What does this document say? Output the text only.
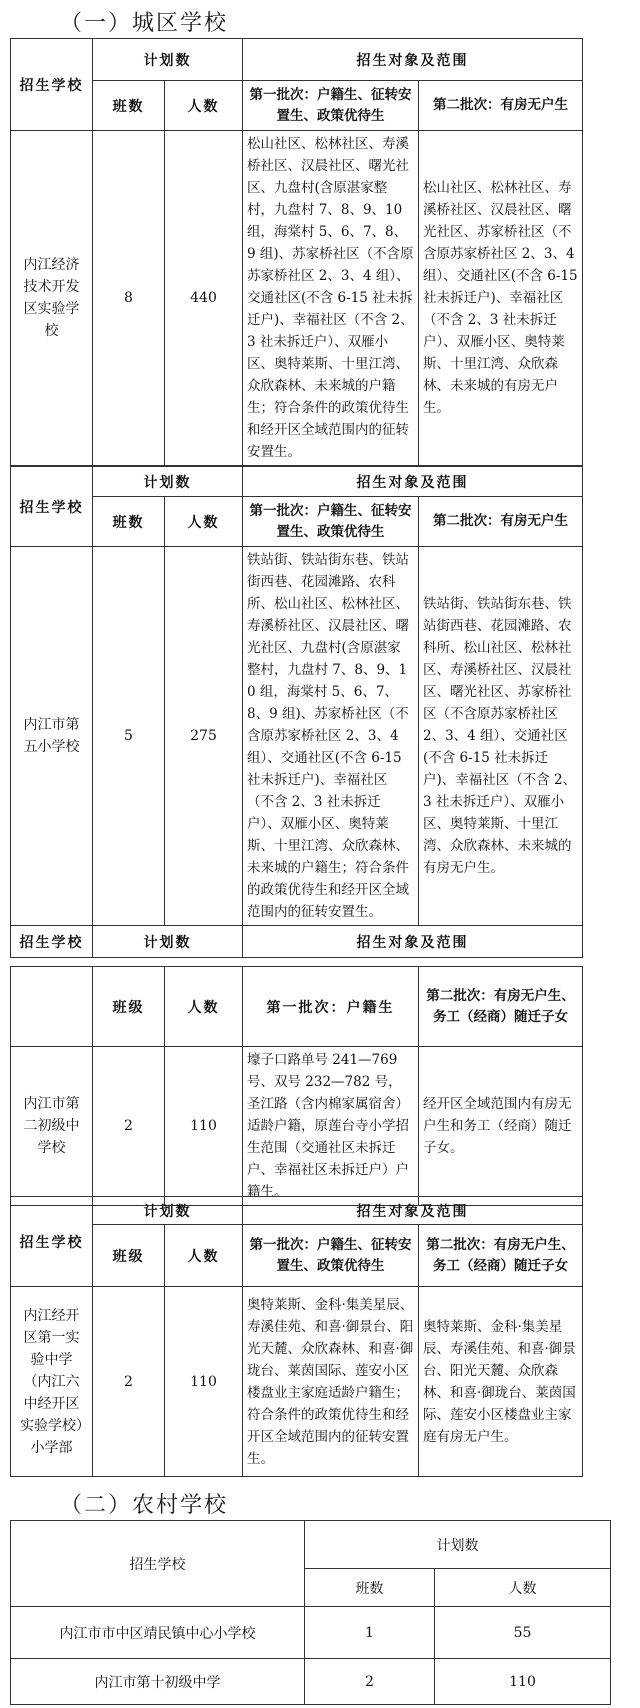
（一）城区学校
招生学校	计划数		招生对象及范围	
	班数	人数	第一批次：户籍生、征转安置生、政策优待生	第二批次：有房无户生
内江经济技术开发区实验学校	8	440	松山社区、松林社区、寿溪桥社区、汉晨社区、曙光社区、九盘村(含原湛家整村，九盘村 7、8、9、10 组，海棠村 5、6、7、8、9 组)、苏家桥社区（不含原苏家桥社区 2、3、4 组）、交通社区(不含 6-15 社未拆迁户)、幸福社区（不含 2、3 社未拆迁户）、双雁小区、奥特莱斯、十里江湾、众欣森林、未来城的户籍生；符合条件的政策优待生和经开区全域范围内的征转安置生。	松山社区、松林社区、寿溪桥社区、汉晨社区、曙光社区、苏家桥社区（不含原苏家桥社区 2、3、4 组）、交通社区(不含 6-15 社未拆迁户)、幸福社区（不含 2、3 社未拆迁户）、双雁小区、奥特莱斯、十里江湾、众欣森林、未来城的有房无户生。
招生学校	计划数		招生对象及范围	
	班数	人数	第一批次：户籍生、征转安置生、政策优待生	第二批次：有房无户生
内江市第五小学校	5	275	铁站街、铁站街东巷、铁站街西巷、花园滩路、农科所、松山社区、松林社区、寿溪桥社区、汉晨社区、曙光社区、九盘村(含原湛家整村，九盘村 7、8、9、10 组，海棠村 5、6、7、8、9 组)、苏家桥社区（不含原苏家桥社区 2、3、4 组）、交通社区(不含 6-15 社未拆迁户)、幸福社区（不含 2、3 社未拆迁户）、双雁小区、奥特莱斯、十里江湾、众欣森林、未来城的户籍生；符合条件的政策优待生和经开区全域范围内的征转安置生。	铁站街、铁站街东巷、铁站街西巷、花园滩路、农科所、松山社区、松林社区、寿溪桥社区、汉晨社区、曙光社区、苏家桥社区（不含原苏家桥社区 2、3、4 组）、交通社区(不含 6-15 社未拆迁户)、幸福社区（不含 2、3 社未拆迁户）、双雁小区、奥特莱斯、十里江湾、众欣森林、未来城的有房无户生。
招生学校	计划数		招生对象及范围	
	班级	人数	第一批次：户籍生	第二批次：有房无户生、务工（经商）随迁子女
内江市第二初级中学校	2	110	壕子口路单号 241—769 号、双号 232—782 号，圣江路（含内棉家属宿舍）适龄户籍，原莲台寺小学招生范围（交通社区未拆迁户、幸福社区未拆迁户）户籍生。	经开区全域范围内有房无户生和务工（经商）随迁子女。
招生学校	计划数		招生对象及范围	
	班级	人数	第一批次：户籍生、征转安置生、政策优待生	第二批次：有房无户生、务工（经商）随迁子女
内江经开区第一实验中学（内江六中经开区实验学校）小学部	2	110	奥特莱斯、金科·集美星辰、寿溪佳苑、和喜·御景台、阳光天麓、众欣森林、和喜·御珑台、莱茵国际、莲安小区楼盘业主家庭适龄户籍生；符合条件的政策优待生和经开区全域范围内的征转安置生。	奥特莱斯、金科·集美星辰、寿溪佳苑、和喜·御景台、阳光天麓、众欣森林、和喜·御珑台、莱茵国际、莲安小区楼盘业主家庭有房无户生。
（二）农村学校
招生学校	计划数	
	班数	人数
内江市市中区靖民镇中心小学校	1	55
内江市第十初级中学	2	110
